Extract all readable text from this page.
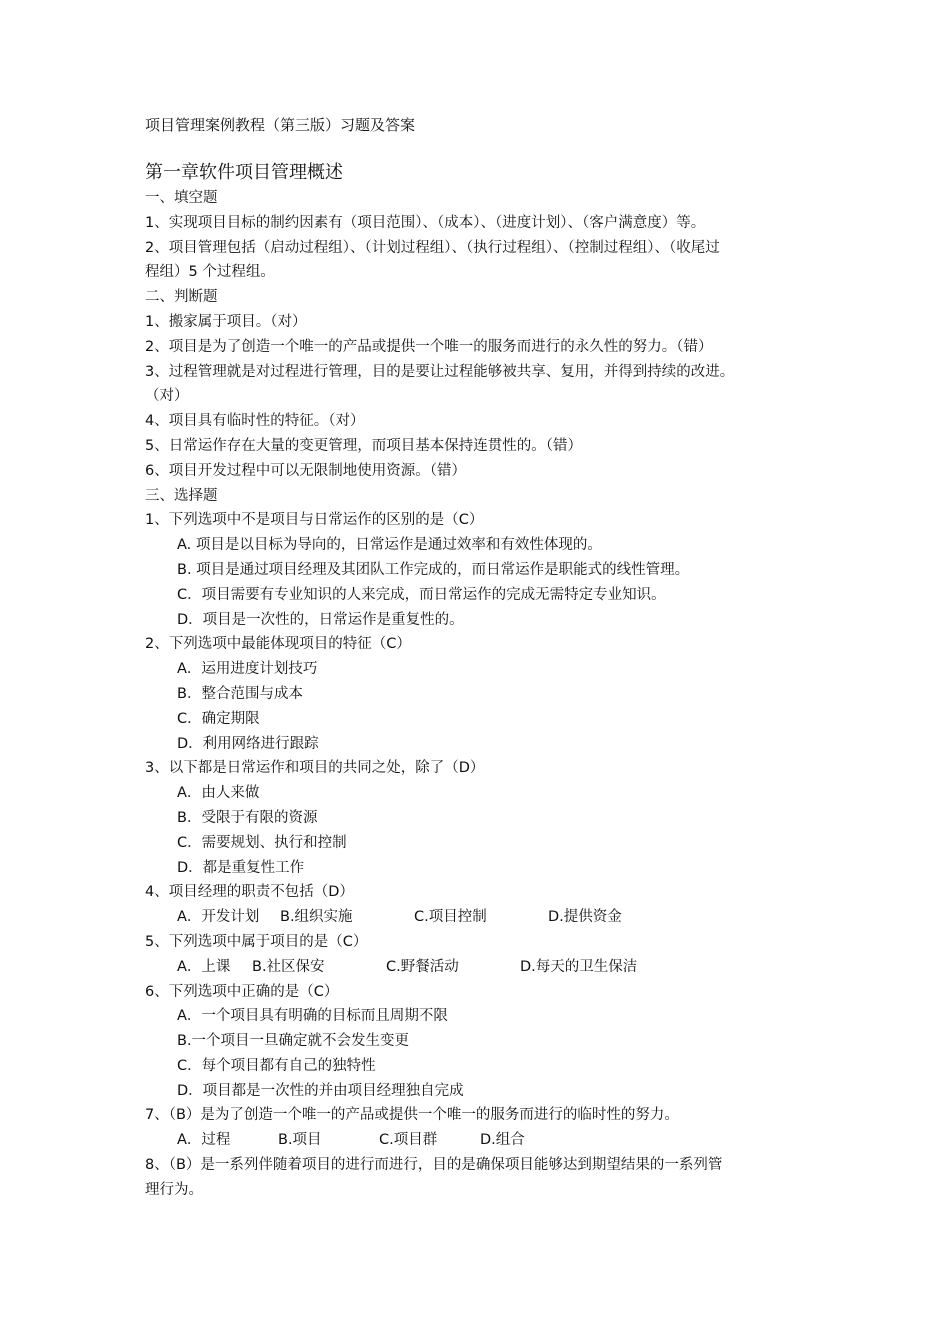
项目管理案例教程（第三版）习题及答案
第一章软件项目管理概述

一、填空题

1、实现项目目标的制约因素有（项目范围）、（成本）、（进度计划）、（客户满意度）等。

2、项目管理包括（启动过程组）、（计划过程组）、（执行过程组）、（控制过程组）、（收尾过

程组）5 个过程组。

二、判断题

1、搬家属于项目。（对）

2、项目是为了创造一个唯一的产品或提供一个唯一的服务而进行的永久性的努力。（错）

3、过程管理就是对过程进行管理，目的是要让过程能够被共享、复用，并得到持续的改进。

（对）

4、项目具有临时性的特征。（对）

5、日常运作存在大量的变更管理，而项目基本保持连贯性的。（错）

6、项目开发过程中可以无限制地使用资源。（错）

三、选择题

1、下列选项中不是项目与日常运作的区别的是（C）

A. 项目是以目标为导向的，日常运作是通过效率和有效性体现的。

B. 项目是通过项目经理及其团队工作完成的，而日常运作是职能式的线性管理。

C．项目需要有专业知识的人来完成，而日常运作的完成无需特定专业知识。

D．项目是一次性的，日常运作是重复性的。

2、下列选项中最能体现项目的特征（C）

A．运用进度计划技巧

B．整合范围与成本

C．确定期限

D．利用网络进行跟踪

3、以下都是日常运作和项目的共同之处，除了（D）

A．由人来做

B．受限于有限的资源

C．需要规划、执行和控制

D．都是重复性工作

4、项目经理的职责不包括（D）

A．开发计划	B.组织实施	C.项目控制	D.提供资金

5、下列选项中属于项目的是（C）

A．上课	B.社区保安	C.野餐活动	D.每天的卫生保洁

6、下列选项中正确的是（C）

A．一个项目具有明确的目标而且周期不限

B.一个项目一旦确定就不会发生变更

C．每个项目都有自己的独特性

D．项目都是一次性的并由项目经理独自完成

7、（B）是为了创造一个唯一的产品或提供一个唯一的服务而进行的临时性的努力。

A．过程	B.项目	C.项目群	D.组合

8、（B）是一系列伴随着项目的进行而进行，目的是确保项目能够达到期望结果的一系列管

理行为。
